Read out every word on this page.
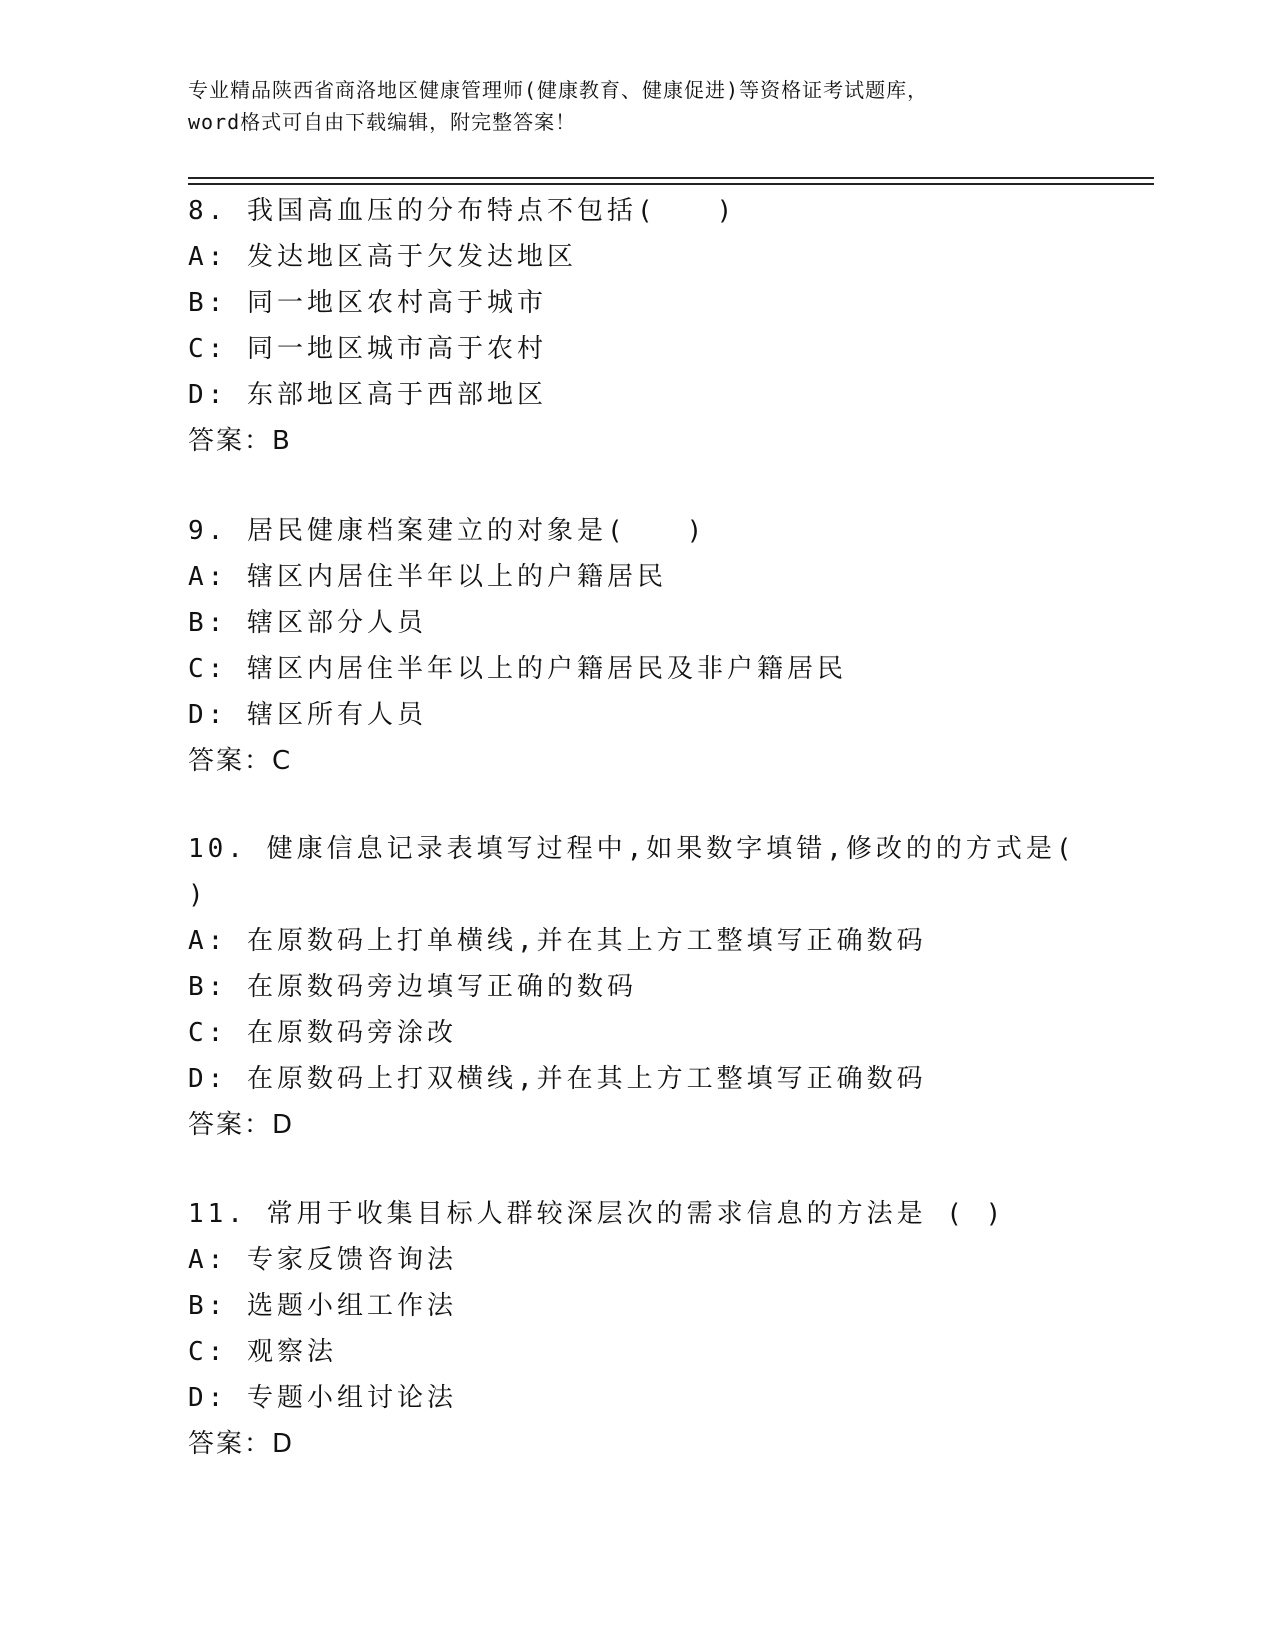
专业精品陕西省商洛地区健康管理师(健康教育、健康促进)等资格证考试题库，
word格式可自由下载编辑，附完整答案！
8. 我国高血压的分布特点不包括(　　)
A: 发达地区高于欠发达地区
B: 同一地区农村高于城市
C: 同一地区城市高于农村
D: 东部地区高于西部地区
答案：B
9. 居民健康档案建立的对象是(　　)
A: 辖区内居住半年以上的户籍居民
B: 辖区部分人员
C: 辖区内居住半年以上的户籍居民及非户籍居民
D: 辖区所有人员
答案：C
10. 健康信息记录表填写过程中,如果数字填错,修改的的方式是(
)
A: 在原数码上打单横线,并在其上方工整填写正确数码
B: 在原数码旁边填写正确的数码
C: 在原数码旁涂改
D: 在原数码上打双横线,并在其上方工整填写正确数码
答案：D
11. 常用于收集目标人群较深层次的需求信息的方法是 ( )
A: 专家反馈咨询法
B: 选题小组工作法
C: 观察法
D: 专题小组讨论法
答案：D
